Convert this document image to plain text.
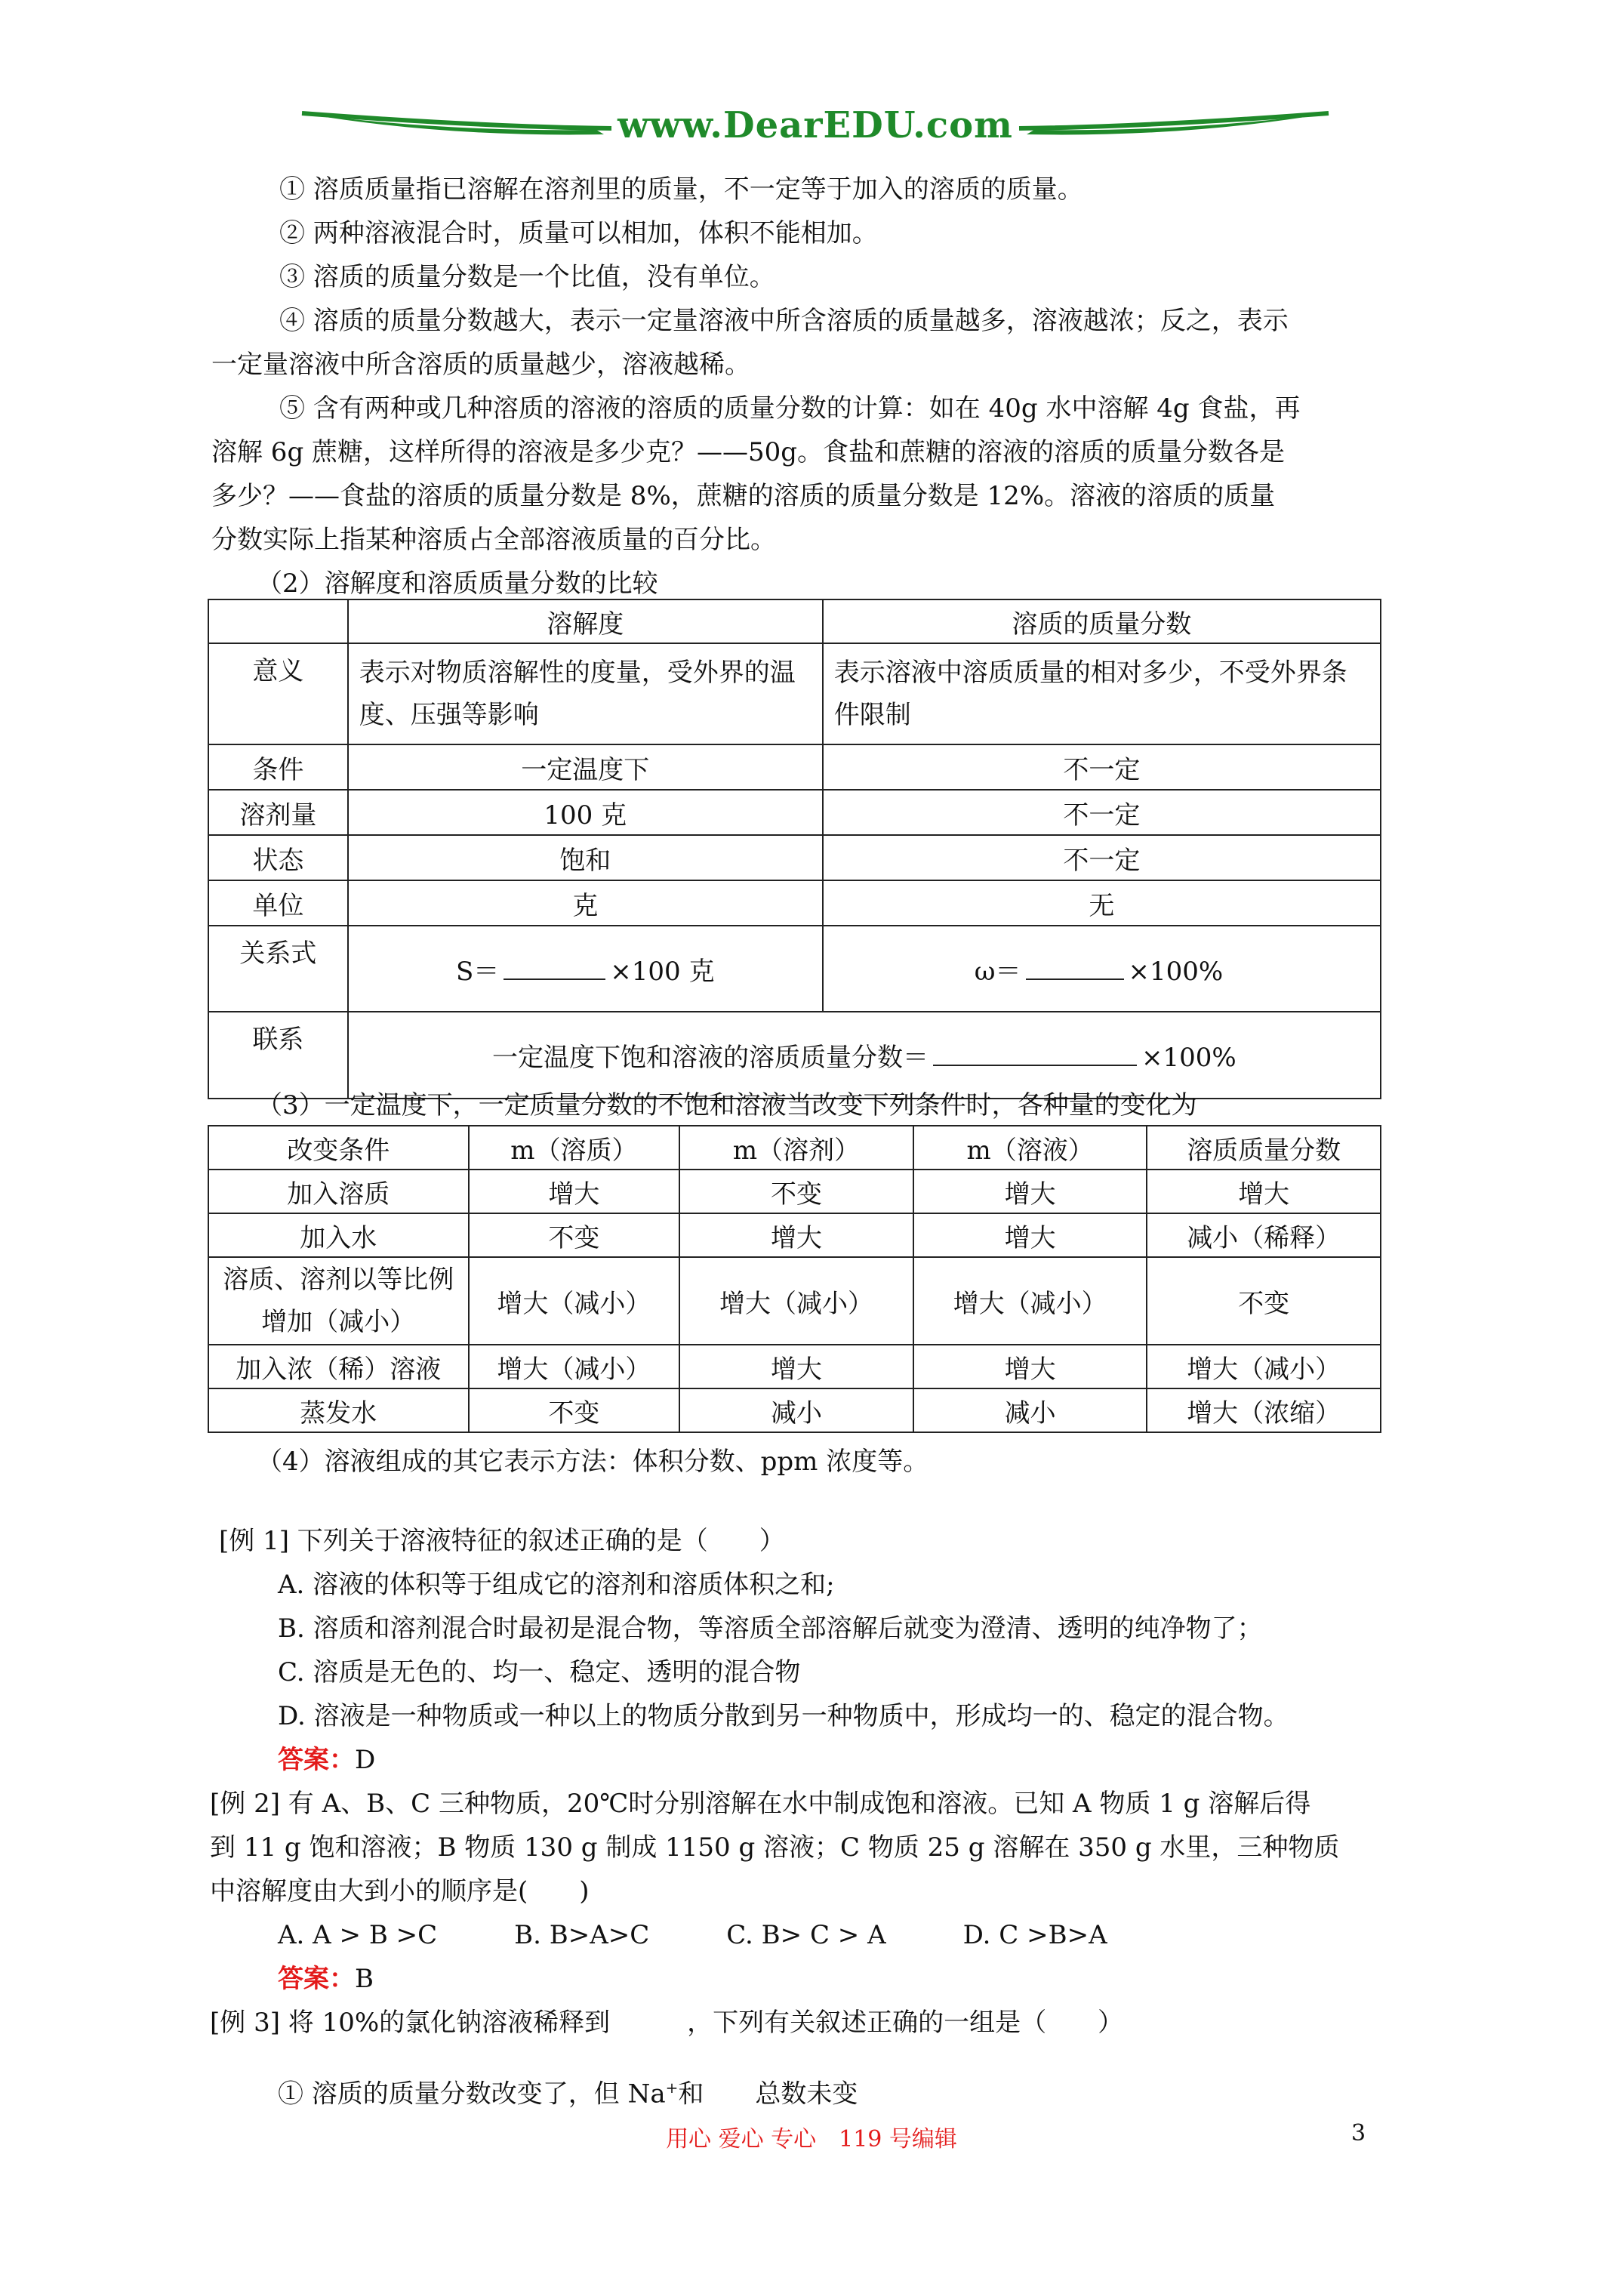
www.DearEDU.com

① 溶质质量指已溶解在溶剂里的质量，不一定等于加入的溶质的质量。

② 两种溶液混合时，质量可以相加，体积不能相加。

③ 溶质的质量分数是一个比值，没有单位。

④ 溶质的质量分数越大，表示一定量溶液中所含溶质的质量越多，溶液越浓；反之，表示

一定量溶液中所含溶质的质量越少，溶液越稀。

⑤ 含有两种或几种溶质的溶液的溶质的质量分数的计算：如在 40g 水中溶解 4g 食盐，再

溶解 6g 蔗糖，这样所得的溶液是多少克？——50g。食盐和蔗糖的溶液的溶质的质量分数各是

多少？——食盐的溶质的质量分数是 8%，蔗糖的溶质的质量分数是 12%。溶液的溶质的质量

分数实际上指某种溶质占全部溶液质量的百分比。

（2）溶解度和溶质质量分数的比较

	溶解度	溶质的质量分数
意义	表示对物质溶解性的度量，受外界的温度、压强等影响	表示溶液中溶质质量的相对多少，不受外界条件限制
条件	一定温度下	不一定
溶剂量	100 克	不一定
状态	饱和	不一定
单位	克	无
关系式	S＝ ×100 克	ω＝ ×100%
联系	一定温度下饱和溶液的溶质质量分数＝ ×100%	

（3）一定温度下，一定质量分数的不饱和溶液当改变下列条件时，各种量的变化为

改变条件	m（溶质）	m（溶剂）	m（溶液）	溶质质量分数
加入溶质	增大	不变	增大	增大
加入水	不变	增大	增大	减小（稀释）
溶质、溶剂以等比例增加（减小）	增大（减小）	增大（减小）	增大（减小）	不变
加入浓（稀）溶液	增大（减小）	增大	增大	增大（减小）
蒸发水	不变	减小	减小	增大（浓缩）

（4）溶液组成的其它表示方法：体积分数、ppm 浓度等。

[例 1] 下列关于溶液特征的叙述正确的是（　　）

A. 溶液的体积等于组成它的溶剂和溶质体积之和;

B. 溶质和溶剂混合时最初是混合物，等溶质全部溶解后就变为澄清、透明的纯净物了；

C. 溶质是无色的、均一、稳定、透明的混合物

D. 溶液是一种物质或一种以上的物质分散到另一种物质中，形成均一的、稳定的混合物。

答案：D

[例 2] 有 A、B、C 三种物质，20℃时分别溶解在水中制成饱和溶液。已知 A 物质 1 g 溶解后得

到 11 g 饱和溶液；B 物质 130 g 制成 1150 g 溶液；C 物质 25 g 溶解在 350 g 水里，三种物质

中溶解度由大到小的顺序是(　　)

A. A > B >C　　　B. B>A>C　　　C. B> C > A　　　D. C >B>A

答案：B

[例 3] 将 10%的氯化钠溶液稀释到　　　，下列有关叙述正确的一组是（　　）

① 溶质的质量分数改变了，但 Na+和　　总数未变

用心 爱心 专心　119 号编辑	3
